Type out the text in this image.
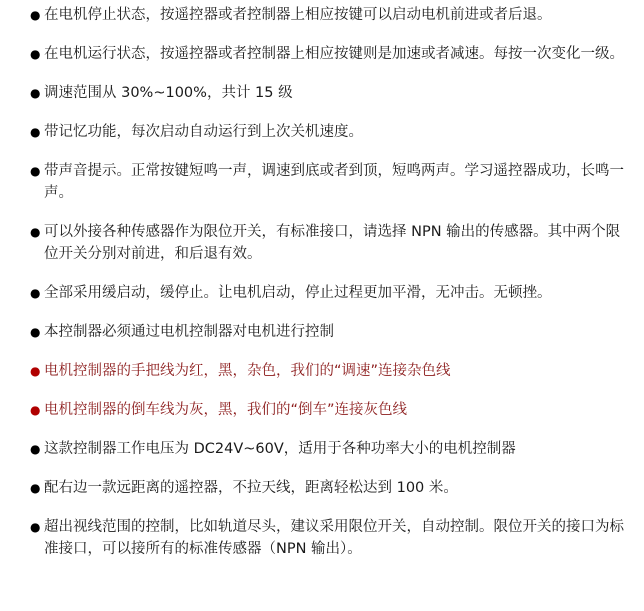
● 在电机停止状态，按遥控器或者控制器上相应按键可以启动电机前进或者后退。
● 在电机运行状态，按遥控器或者控制器上相应按键则是加速或者减速。每按一次变化一级。
● 调速范围从 30%~100%，共计 15 级
● 带记忆功能，每次启动自动运行到上次关机速度。
● 带声音提示。正常按键短鸣一声，调速到底或者到顶，短鸣两声。学习遥控器成功，长鸣一声。
● 可以外接各种传感器作为限位开关，有标准接口，请选择 NPN 输出的传感器。其中两个限位开关分别对前进，和后退有效。
● 全部采用缓启动，缓停止。让电机启动，停止过程更加平滑，无冲击。无顿挫。
● 本控制器必须通过电机控制器对电机进行控制
● 电机控制器的手把线为红，黑，杂色，我们的“调速”连接杂色线
● 电机控制器的倒车线为灰，黑，我们的“倒车”连接灰色线
● 这款控制器工作电压为 DC24V~60V，适用于各种功率大小的电机控制器
● 配右边一款远距离的遥控器，不拉天线，距离轻松达到 100 米。
● 超出视线范围的控制，比如轨道尽头，建议采用限位开关，自动控制。限位开关的接口为标准接口，可以接所有的标准传感器（NPN 输出）。
